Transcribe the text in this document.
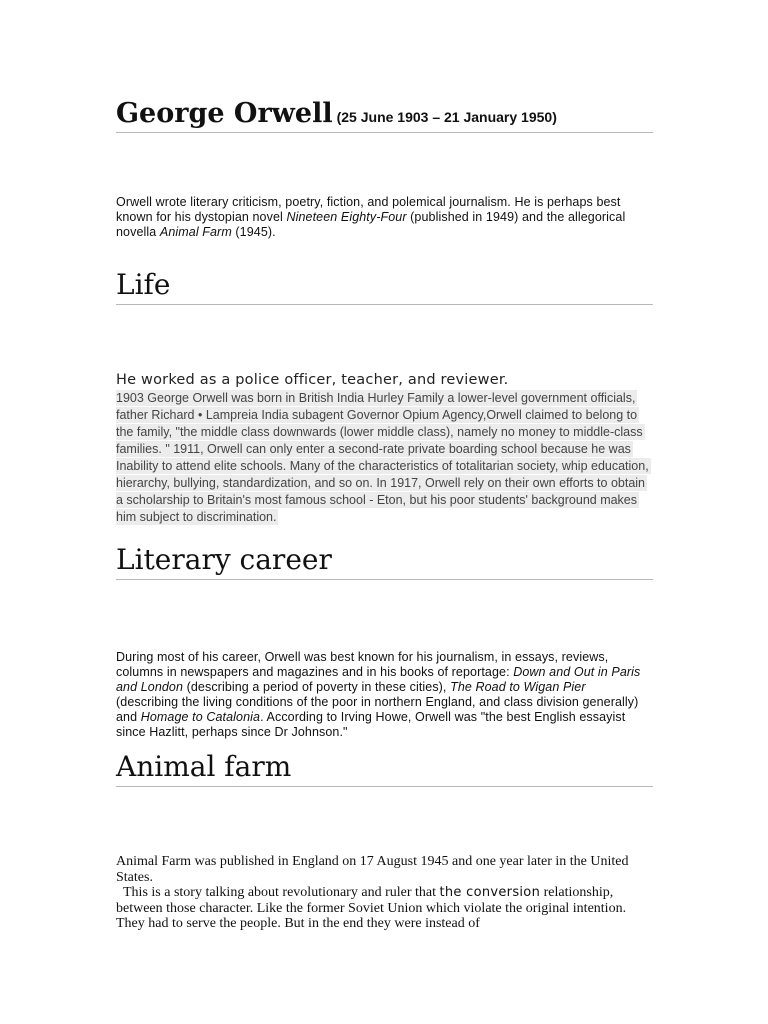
George Orwell (25 June 1903 – 21 January 1950)

Orwell wrote literary criticism, poetry, fiction, and polemical journalism. He is perhaps best known for his dystopian novel Nineteen Eighty-Four (published in 1949) and the allegorical novella Animal Farm (1945).

Life
He worked as a police officer, teacher, and reviewer.
1903 George Orwell was born in British India Hurley Family a lower-level government officials, father Richard • Lampreia India subagent Governor Opium Agency,Orwell claimed to belong to the family, "the middle class downwards (lower middle class), namely no money to middle-class families. " 1911, Orwell can only enter a second-rate private boarding school because he was Inability to attend elite schools. Many of the characteristics of totalitarian society, whip education, hierarchy, bullying, standardization, and so on. In 1917, Orwell rely on their own efforts to obtain a scholarship to Britain's most famous school - Eton, but his poor students' background makes him subject to discrimination.
Literary career

During most of his career, Orwell was best known for his journalism, in essays, reviews, columns in newspapers and magazines and in his books of reportage: Down and Out in Paris and London (describing a period of poverty in these cities), The Road to Wigan Pier (describing the living conditions of the poor in northern England, and class division generally) and Homage to Catalonia. According to Irving Howe, Orwell was "the best English essayist since Hazlitt, perhaps since Dr Johnson."

Animal farm

Animal Farm was published in England on 17 August 1945 and one year later in the United States.

This is a story talking about revolutionary and ruler that the conversion relationship, between those character. Like the former Soviet Union which violate the original intention. They had to serve the people. But in the end they were instead of
